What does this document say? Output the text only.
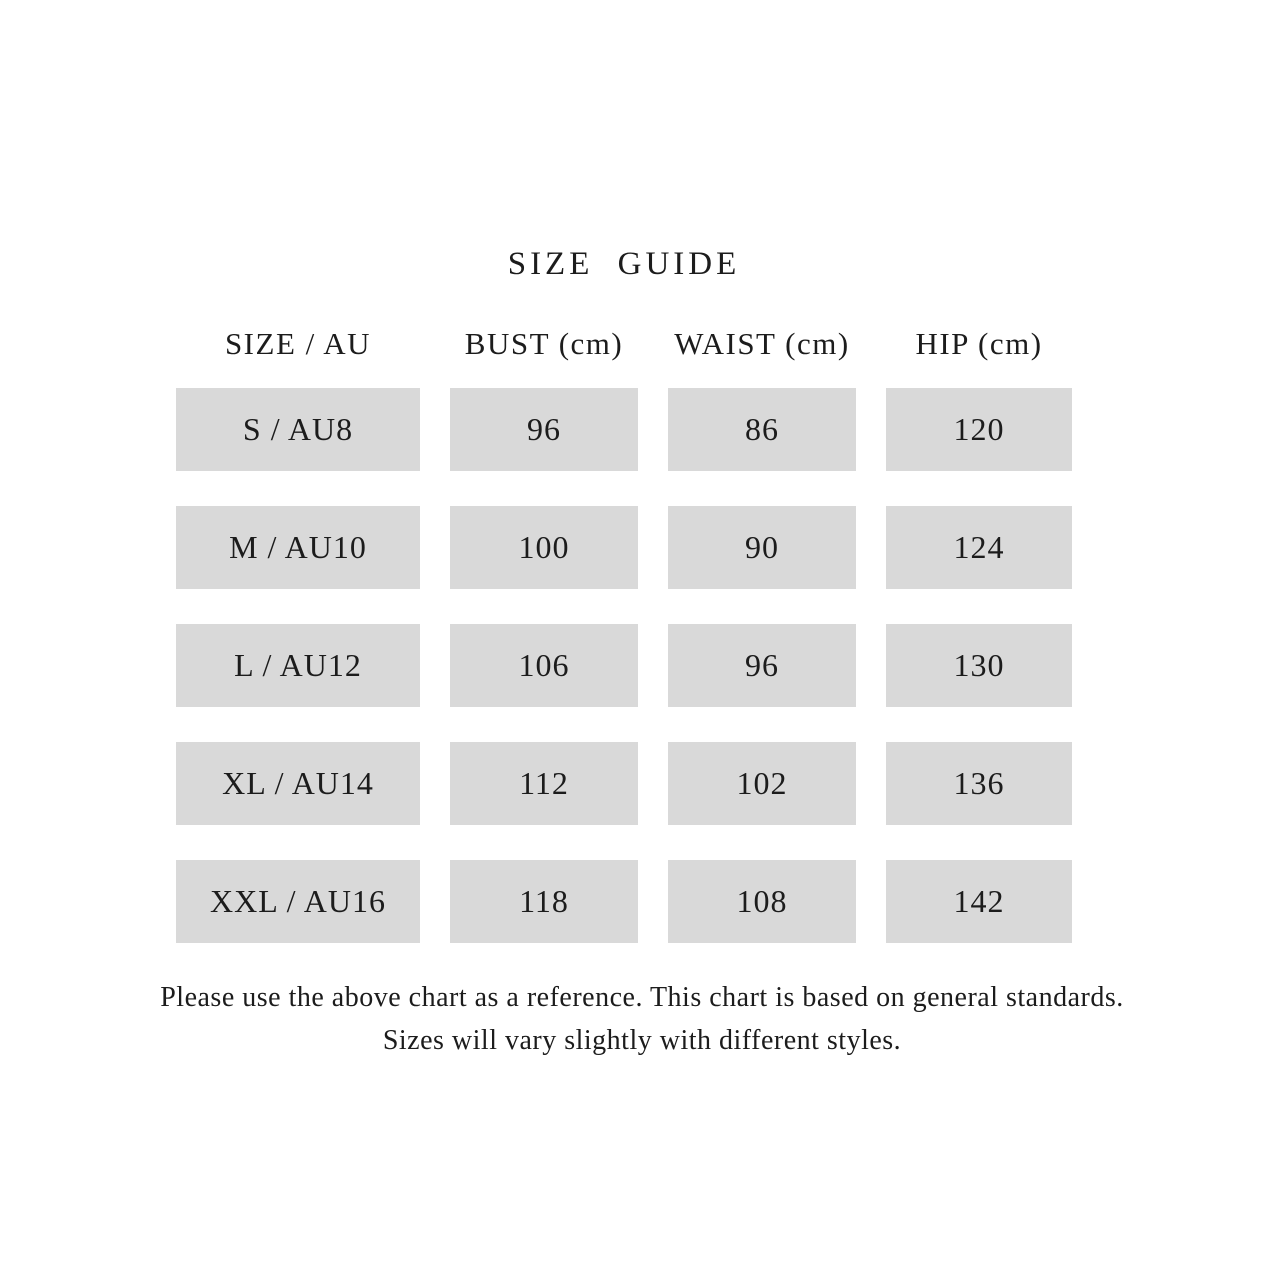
SIZE GUIDE
SIZE / AU	BUST (cm)	WAIST (cm)	HIP (cm)
S / AU8	96	86	120
M / AU10	100	90	124
L / AU12	106	96	130
XL / AU14	112	102	136
XXL / AU16	118	108	142
Please use the above chart as a reference. This chart is based on general standards.
Sizes will vary slightly with different styles.
